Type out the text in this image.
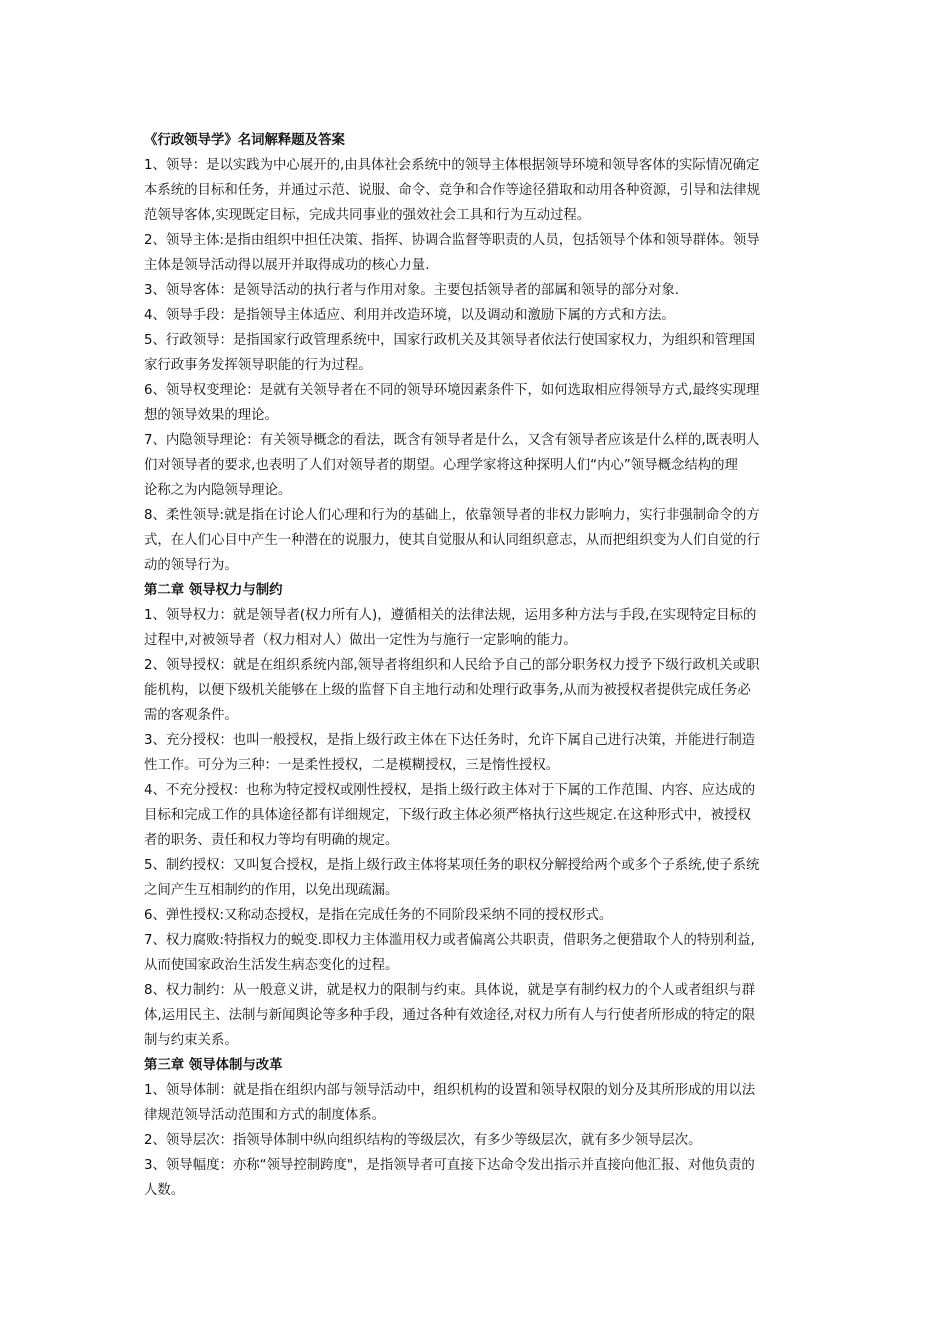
《行政领导学》名词解释题及答案
1、领导：是以实践为中心展开的,由具体社会系统中的领导主体根据领导环境和领导客体的实际情况确定
本系统的目标和任务，并通过示范、说服、命令、竞争和合作等途径猎取和动用各种资源，引导和法律规
范领导客体,实现既定目标，完成共同事业的强效社会工具和行为互动过程。
2、领导主体:是指由组织中担任决策、指挥、协调合监督等职责的人员，包括领导个体和领导群体。领导
主体是领导活动得以展开并取得成功的核心力量.
3、领导客体：是领导活动的执行者与作用对象。主要包括领导者的部属和领导的部分对象.
4、领导手段：是指领导主体适应、利用并改造环境，以及调动和激励下属的方式和方法。
5、行政领导：是指国家行政管理系统中，国家行政机关及其领导者依法行使国家权力，为组织和管理国
家行政事务发挥领导职能的行为过程。
6、领导权变理论：是就有关领导者在不同的领导环境因素条件下，如何选取相应得领导方式,最终实现理
想的领导效果的理论。
7、内隐领导理论：有关领导概念的看法，既含有领导者是什么，又含有领导者应该是什么样的,既表明人
们对领导者的要求,也表明了人们对领导者的期望。心理学家将这种探明人们“内心”领导概念结构的理
论称之为内隐领导理论。
8、柔性领导:就是指在讨论人们心理和行为的基础上，依靠领导者的非权力影响力，实行非强制命令的方
式，在人们心目中产生一种潜在的说服力，使其自觉服从和认同组织意志，从而把组织变为人们自觉的行
动的领导行为。
第二章 领导权力与制约
1、领导权力：就是领导者(权力所有人)，遵循相关的法律法规，运用多种方法与手段,在实现特定目标的
过程中,对被领导者（权力相对人）做出一定性为与施行一定影响的能力。
2、领导授权：就是在组织系统内部,领导者将组织和人民给予自己的部分职务权力授予下级行政机关或职
能机构，以便下级机关能够在上级的监督下自主地行动和处理行政事务,从而为被授权者提供完成任务必
需的客观条件。
3、充分授权：也叫一般授权，是指上级行政主体在下达任务时，允许下属自己进行决策，并能进行制造
性工作。可分为三种：一是柔性授权，二是模糊授权，三是惰性授权。
4、不充分授权：也称为特定授权或刚性授权，是指上级行政主体对于下属的工作范围、内容、应达成的
目标和完成工作的具体途径都有详细规定，下级行政主体必须严格执行这些规定.在这种形式中，被授权
者的职务、责任和权力等均有明确的规定。
5、制约授权：又叫复合授权，是指上级行政主体将某项任务的职权分解授给两个或多个子系统,使子系统
之间产生互相制约的作用，以免出现疏漏。
6、弹性授权:又称动态授权，是指在完成任务的不同阶段采纳不同的授权形式。
7、权力腐败:特指权力的蜕变.即权力主体滥用权力或者偏离公共职责，借职务之便猎取个人的特别利益,
从而使国家政治生活发生病态变化的过程。
8、权力制约：从一般意义讲，就是权力的限制与约束。具体说，就是享有制约权力的个人或者组织与群
体,运用民主、法制与新闻舆论等多种手段，通过各种有效途径,对权力所有人与行使者所形成的特定的限
制与约束关系。
第三章 领导体制与改革
1、领导体制：就是指在组织内部与领导活动中，组织机构的设置和领导权限的划分及其所形成的用以法
律规范领导活动范围和方式的制度体系。
2、领导层次：指领导体制中纵向组织结构的等级层次，有多少等级层次，就有多少领导层次。
3、领导幅度：亦称“领导控制跨度"，是指领导者可直接下达命令发出指示并直接向他汇报、对他负责的
人数。
